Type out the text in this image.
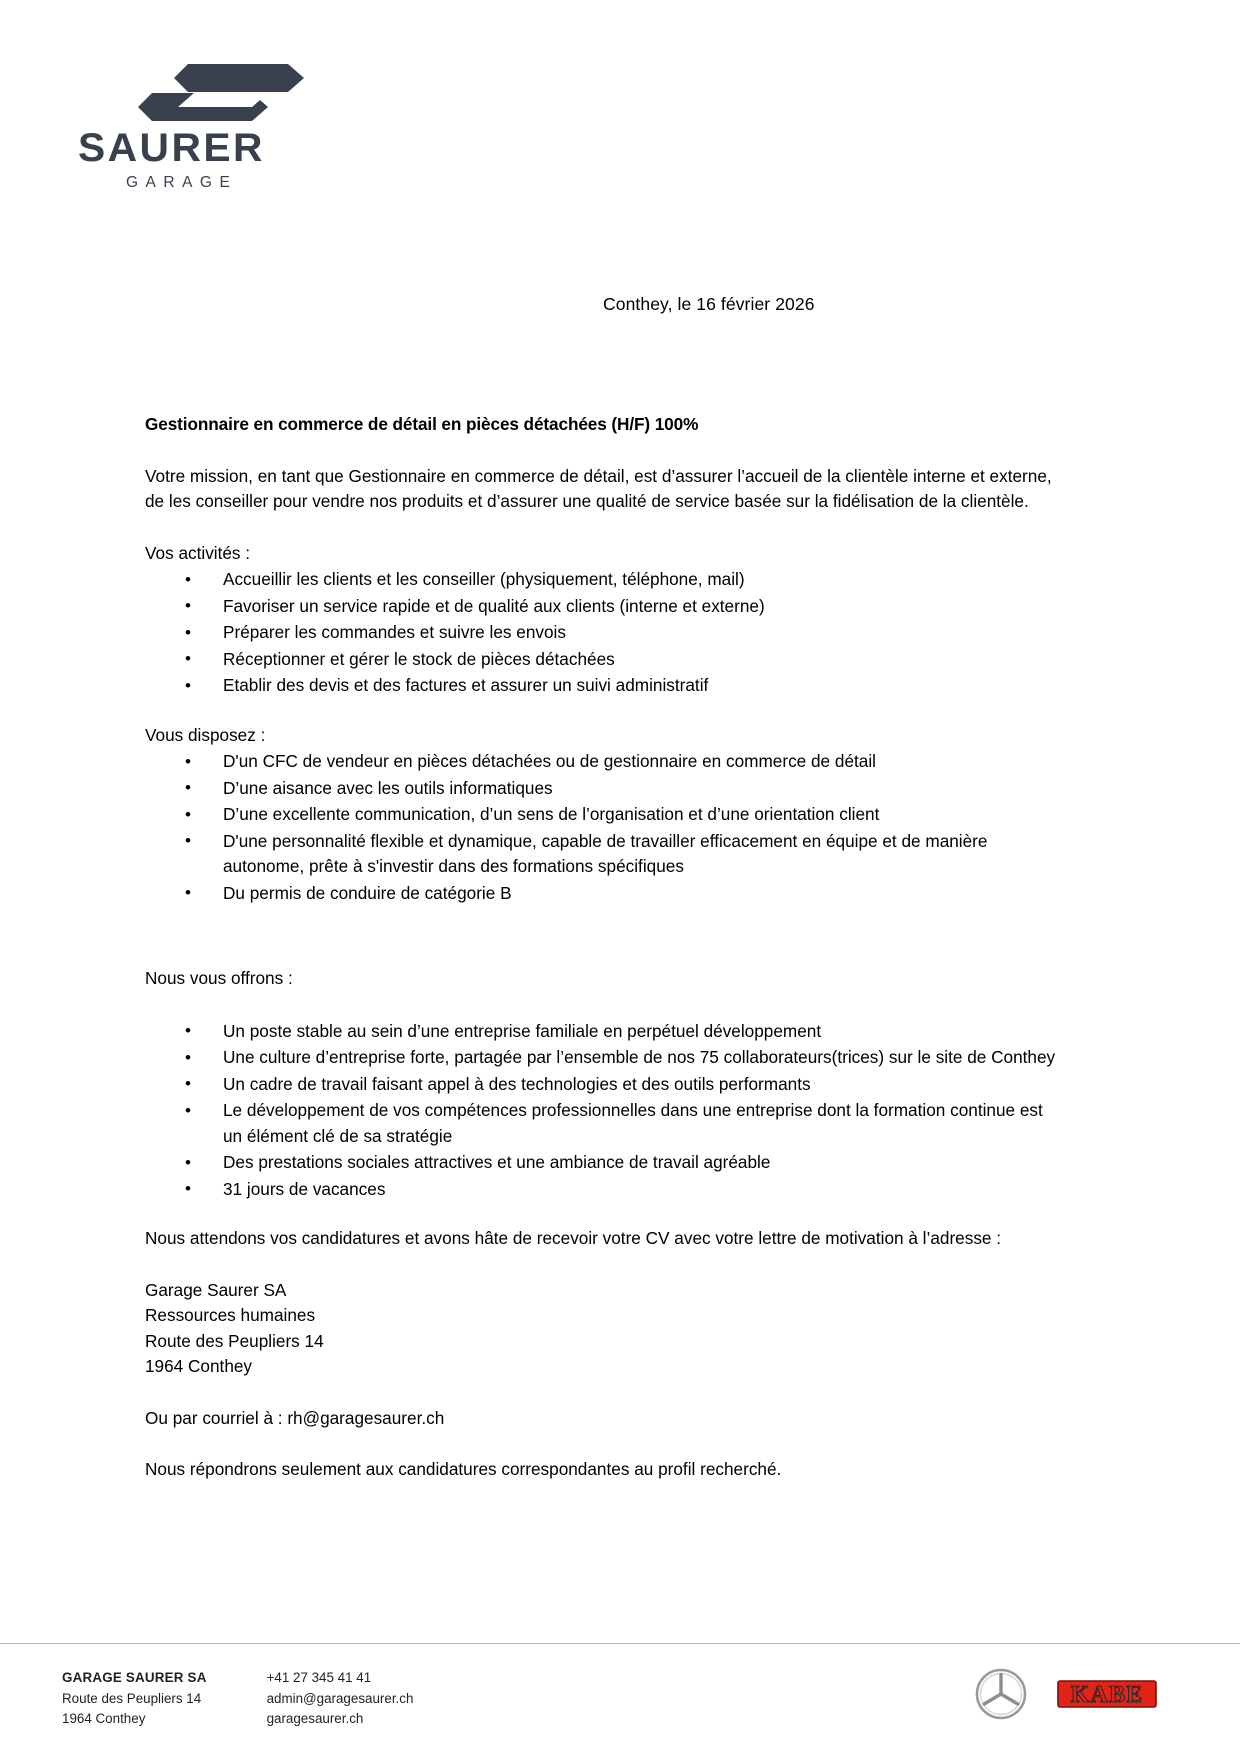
SAURER
GARAGE
Conthey, le 16 février 2026

Gestionnaire en commerce de détail en pièces détachées (H/F) 100%

Votre mission, en tant que Gestionnaire en commerce de détail, est d’assurer l’accueil de la clientèle interne et externe, de les conseiller pour vendre nos produits et d’assurer une qualité de service basée sur la fidélisation de la clientèle.

Vos activités :

• Accueillir les clients et les conseiller (physiquement, téléphone, mail)
• Favoriser un service rapide et de qualité aux clients (interne et externe)
• Préparer les commandes et suivre les envois
• Réceptionner et gérer le stock de pièces détachées
• Etablir des devis et des factures et assurer un suivi administratif

Vous disposez :

• D'un CFC de vendeur en pièces détachées ou de gestionnaire en commerce de détail
• D’une aisance avec les outils informatiques
• D’une excellente communication, d’un sens de l’organisation et d’une orientation client
• D'une personnalité flexible et dynamique, capable de travailler efficacement en équipe et de manière autonome, prête à s'investir dans des formations spécifiques
• Du permis de conduire de catégorie B

Nous vous offrons :

• Un poste stable au sein d’une entreprise familiale en perpétuel développement
• Une culture d’entreprise forte, partagée par l’ensemble de nos 75 collaborateurs(trices) sur le site de Conthey
• Un cadre de travail faisant appel à des technologies et des outils performants
• Le développement de vos compétences professionnelles dans une entreprise dont la formation continue est un élément clé de sa stratégie
• Des prestations sociales attractives et une ambiance de travail agréable
• 31 jours de vacances

Nous attendons vos candidatures et avons hâte de recevoir votre CV avec votre lettre de motivation à l’adresse :

Garage Saurer SA

Ressources humaines

Route des Peupliers 14

1964 Conthey

Ou par courriel à : rh@garagesaurer.ch

Nous répondrons seulement aux candidatures correspondantes au profil recherché.

GARAGE SAURER SA
Route des Peupliers 14
1964 Conthey
+41 27 345 41 41
admin@garagesaurer.ch
garagesaurer.ch
KABE
